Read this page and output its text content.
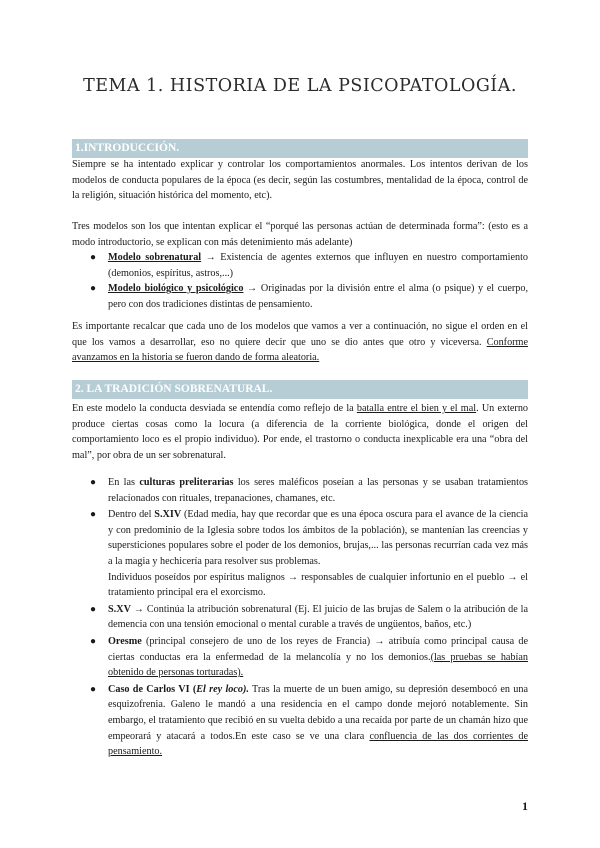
TEMA 1. HISTORIA DE LA PSICOPATOLOGÍA.
1.INTRODUCCIÓN.
Siempre se ha intentado explicar y controlar los comportamientos anormales. Los intentos derivan de los modelos de conducta populares de la época (es decir, según las costumbres, mentalidad de la época, control de la religión, situación histórica del momento, etc).
Tres modelos son los que intentan explicar el “porqué las personas actúan de determinada forma”: (esto es a modo introductorio, se explican con más detenimiento más adelante)
● Modelo sobrenatural → Existencia de agentes externos que influyen en nuestro comportamiento (demonios, espíritus, astros,...)
● Modelo biológico y psicológico → Originadas por la división entre el alma (o psique) y el cuerpo, pero con dos tradiciones distintas de pensamiento.
Es importante recalcar que cada uno de los modelos que vamos a ver a continuación, no sigue el orden en el que los vamos a desarrollar, eso no quiere decir que uno se dio antes que otro y viceversa. Conforme avanzamos en la historia se fueron dando de forma aleatoria.
2. LA TRADICIÓN SOBRENATURAL.
En este modelo la conducta desviada se entendía como reflejo de la batalla entre el bien y el mal. Un externo produce ciertas cosas como la locura (a diferencia de la corriente biológica, donde el origen del comportamiento loco es el propio individuo). Por ende, el trastorno o conducta inexplicable era una “obra del mal”, por obra de un ser sobrenatural.
● En las culturas preliterarias los seres maléficos poseían a las personas y se usaban tratamientos relacionados con rituales, trepanaciones, chamanes, etc.
● Dentro del S.XIV (Edad media, hay que recordar que es una época oscura para el avance de la ciencia y con predominio de la Iglesia sobre todos los ámbitos de la población), se mantenían las creencias y supersticiones populares sobre el poder de los demonios, brujas,... las personas recurrían cada vez más a la magia y hechicería para resolver sus problemas.
Individuos poseídos por espíritus malignos → responsables de cualquier infortunio en el pueblo → el tratamiento principal era el exorcismo.
● S.XV → Continúa la atribución sobrenatural (Ej. El juicio de las brujas de Salem o la atribución de la demencia con una tensión emocional o mental curable a través de ungüentos, baños, etc.)
● Oresme (principal consejero de uno de los reyes de Francia) → atribuía como principal causa de ciertas conductas era la enfermedad de la melancolía y no los demonios.(las pruebas se habían obtenido de personas torturadas).
● Caso de Carlos VI (El rey loco). Tras la muerte de un buen amigo, su depresión desembocó en una esquizofrenia. Galeno le mandó a una residencia en el campo donde mejoró notablemente. Sin embargo, el tratamiento que recibió en su vuelta debido a una recaída por parte de un chamán hizo que empeorará y atacará a todos.En este caso se ve una clara confluencia de las dos corrientes de pensamiento.
1
